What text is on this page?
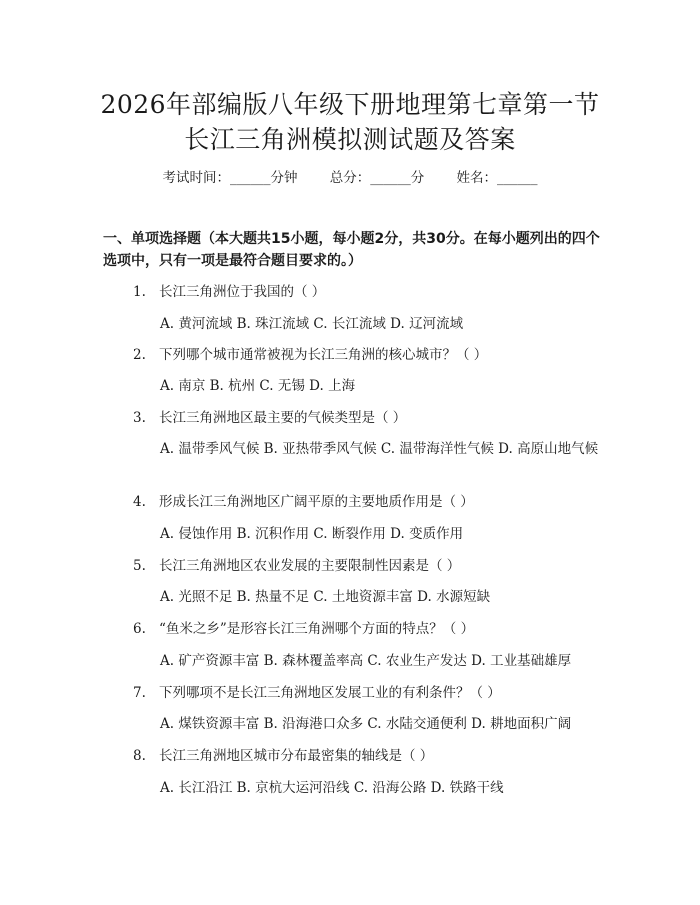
2026年部编版八年级下册地理第七章第一节
长江三角洲模拟测试题及答案
考试时间：______分钟 总分：______分 姓名：______
一、单项选择题（本大题共15小题，每小题2分，共30分。在每小题列出的四个选项中，只有一项是最符合题目要求的。）
1. 长江三角洲位于我国的（ ）
A. 黄河流域 B. 珠江流域 C. 长江流域 D. 辽河流域
2. 下列哪个城市通常被视为长江三角洲的核心城市？（ ）
A. 南京 B. 杭州 C. 无锡 D. 上海
3. 长江三角洲地区最主要的气候类型是（ ）
A. 温带季风气候 B. 亚热带季风气候 C. 温带海洋性气候 D. 高原山地气候
4. 形成长江三角洲地区广阔平原的主要地质作用是（ ）
A. 侵蚀作用 B. 沉积作用 C. 断裂作用 D. 变质作用
5. 长江三角洲地区农业发展的主要限制性因素是（ ）
A. 光照不足 B. 热量不足 C. 土地资源丰富 D. 水源短缺
6. “鱼米之乡”是形容长江三角洲哪个方面的特点？（ ）
A. 矿产资源丰富 B. 森林覆盖率高 C. 农业生产发达 D. 工业基础雄厚
7. 下列哪项不是长江三角洲地区发展工业的有利条件？（ ）
A. 煤铁资源丰富 B. 沿海港口众多 C. 水陆交通便利 D. 耕地面积广阔
8. 长江三角洲地区城市分布最密集的轴线是（ ）
A. 长江沿江 B. 京杭大运河沿线 C. 沿海公路 D. 铁路干线
